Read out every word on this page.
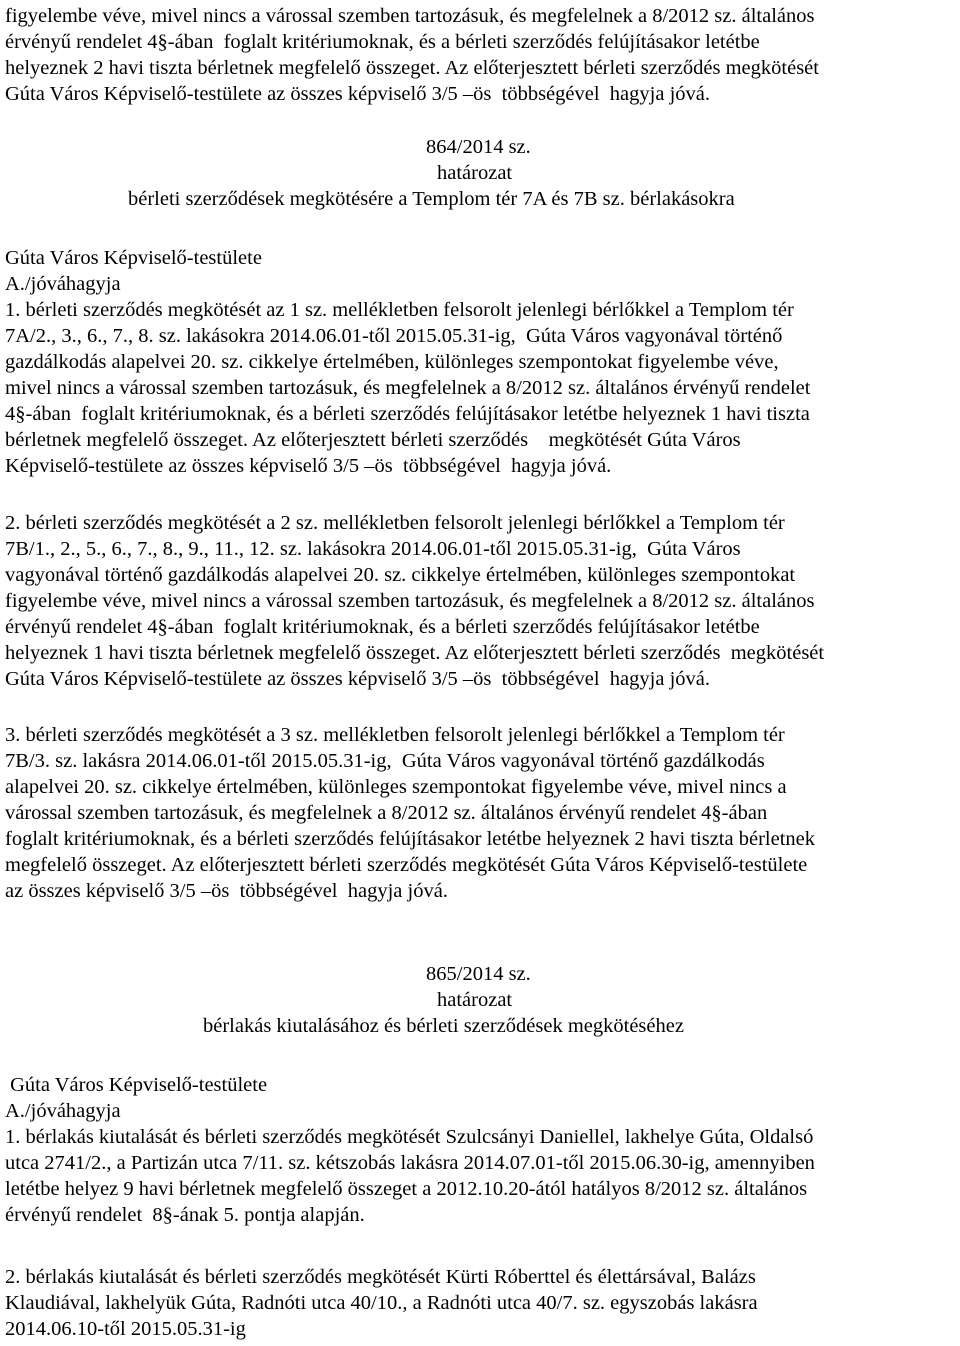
figyelembe véve, mivel nincs a várossal szemben tartozásuk, és megfelelnek a 8/2012 sz. általános
érvényű rendelet 4§-ában  foglalt kritériumoknak, és a bérleti szerződés felújításakor letétbe
helyeznek 2 havi tiszta bérletnek megfelelő összeget. Az előterjesztett bérleti szerződés megkötését
Gúta Város Képviselő-testülete az összes képviselő 3/5 –ös  többségével  hagyja jóvá.
864/2014 sz.
határozat
bérleti szerződések megkötésére a Templom tér 7A és 7B sz. bérlakásokra
Gúta Város Képviselő-testülete
A./jóváhagyja
1. bérleti szerződés megkötését az 1 sz. mellékletben felsorolt jelenlegi bérlőkkel a Templom tér
7A/2., 3., 6., 7., 8. sz. lakásokra 2014.06.01-től 2015.05.31-ig,  Gúta Város vagyonával történő
gazdálkodás alapelvei 20. sz. cikkelye értelmében, különleges szempontokat figyelembe véve,
mivel nincs a várossal szemben tartozásuk, és megfelelnek a 8/2012 sz. általános érvényű rendelet
4§-ában  foglalt kritériumoknak, és a bérleti szerződés felújításakor letétbe helyeznek 1 havi tiszta
bérletnek megfelelő összeget. Az előterjesztett bérleti szerződés    megkötését Gúta Város
Képviselő-testülete az összes képviselő 3/5 –ös  többségével  hagyja jóvá.
2. bérleti szerződés megkötését a 2 sz. mellékletben felsorolt jelenlegi bérlőkkel a Templom tér
7B/1., 2., 5., 6., 7., 8., 9., 11., 12. sz. lakásokra 2014.06.01-től 2015.05.31-ig,  Gúta Város
vagyonával történő gazdálkodás alapelvei 20. sz. cikkelye értelmében, különleges szempontokat
figyelembe véve, mivel nincs a várossal szemben tartozásuk, és megfelelnek a 8/2012 sz. általános
érvényű rendelet 4§-ában  foglalt kritériumoknak, és a bérleti szerződés felújításakor letétbe
helyeznek 1 havi tiszta bérletnek megfelelő összeget. Az előterjesztett bérleti szerződés  megkötését
Gúta Város Képviselő-testülete az összes képviselő 3/5 –ös  többségével  hagyja jóvá.
3. bérleti szerződés megkötését a 3 sz. mellékletben felsorolt jelenlegi bérlőkkel a Templom tér
7B/3. sz. lakásra 2014.06.01-től 2015.05.31-ig,  Gúta Város vagyonával történő gazdálkodás
alapelvei 20. sz. cikkelye értelmében, különleges szempontokat figyelembe véve, mivel nincs a
várossal szemben tartozásuk, és megfelelnek a 8/2012 sz. általános érvényű rendelet 4§-ában
foglalt kritériumoknak, és a bérleti szerződés felújításakor letétbe helyeznek 2 havi tiszta bérletnek
megfelelő összeget. Az előterjesztett bérleti szerződés megkötését Gúta Város Képviselő-testülete
az összes képviselő 3/5 –ös  többségével  hagyja jóvá.
865/2014 sz.
határozat
bérlakás kiutalásához és bérleti szerződések megkötéséhez
Gúta Város Képviselő-testülete
A./jóváhagyja
1. bérlakás kiutalását és bérleti szerződés megkötését Szulcsányi Daniellel, lakhelye Gúta, Oldalsó
utca 2741/2., a Partizán utca 7/11. sz. kétszobás lakásra 2014.07.01-től 2015.06.30-ig, amennyiben
letétbe helyez 9 havi bérletnek megfelelő összeget a 2012.10.20-ától hatályos 8/2012 sz. általános
érvényű rendelet  8§-ának 5. pontja alapján.
2. bérlakás kiutalását és bérleti szerződés megkötését Kürti Róberttel és élettársával, Balázs
Klaudiával, lakhelyük Gúta, Radnóti utca 40/10., a Radnóti utca 40/7. sz. egyszobás lakásra
2014.06.10-től 2015.05.31-ig
